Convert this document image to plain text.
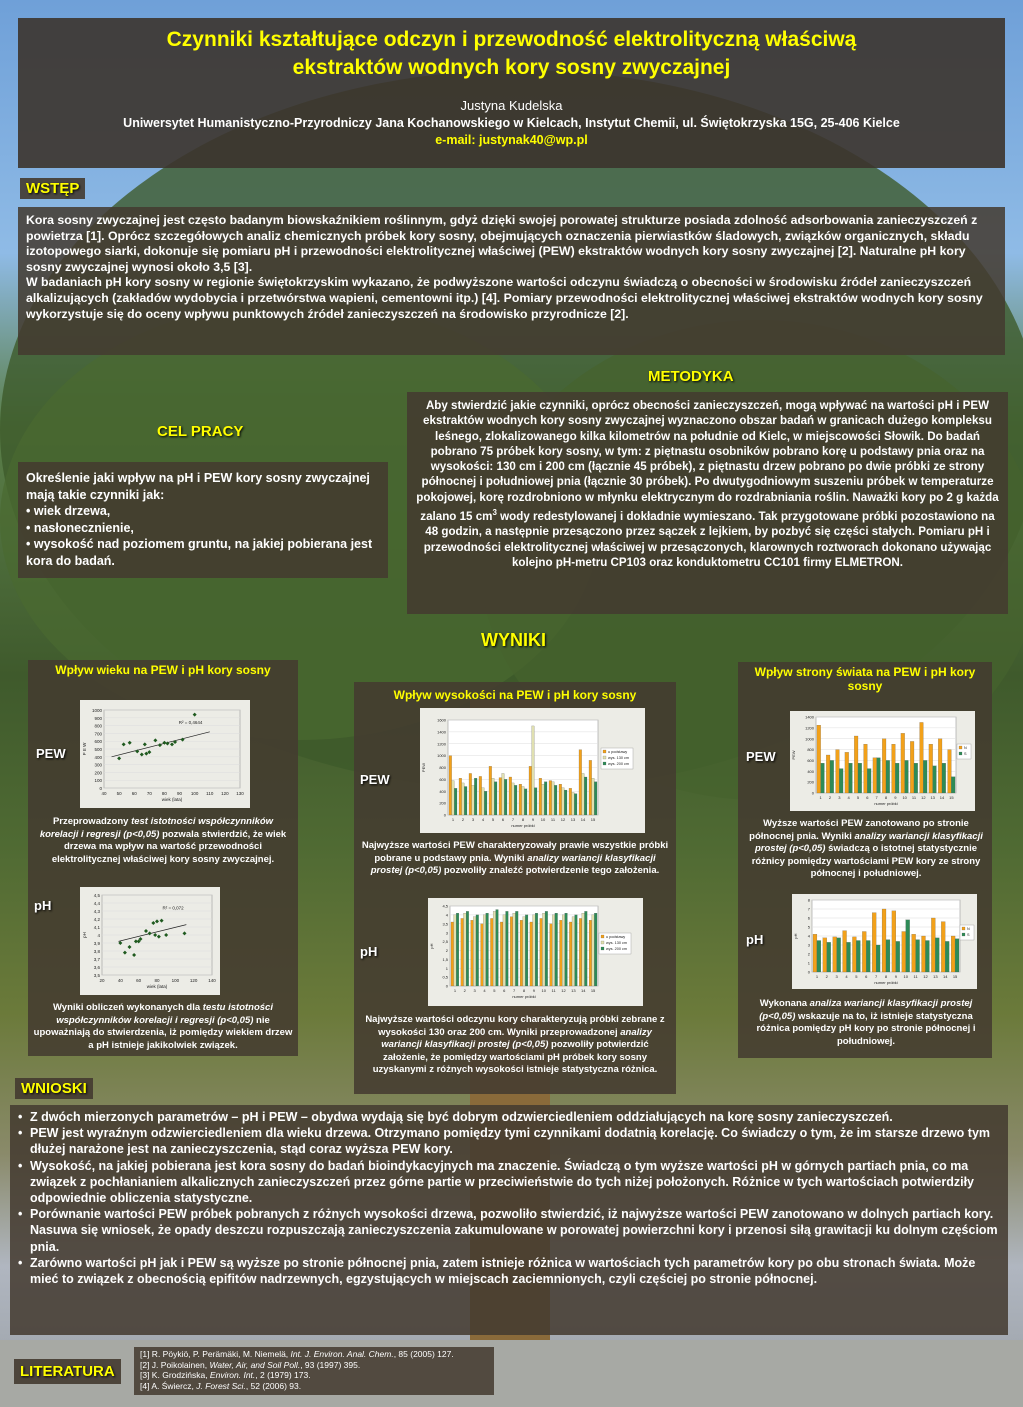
Czynniki kształtujące odczyn i przewodność elektrolityczną właściwą

ekstraktów wodnych kory sosny zwyczajnej

Justyna Kudelska

Uniwersytet Humanistyczno-Przyrodniczy Jana Kochanowskiego w Kielcach, Instytut Chemii, ul. Świętokrzyska 15G, 25-406 Kielce

e-mail: justynak40@wp.pl

WSTĘP

Kora sosny zwyczajnej jest często badanym biowskaźnikiem roślinnym, gdyż dzięki swojej porowatej strukturze posiada zdolność adsorbowania zanieczyszczeń z powietrza [1]. Oprócz szczegółowych analiz chemicznych próbek kory sosny, obejmujących oznaczenia pierwiastków śladowych, związków organicznych, składu izotopowego siarki, dokonuje się pomiaru pH i przewodności elektrolitycznej właściwej (PEW) ekstraktów wodnych kory sosny zwyczajnej [2]. Naturalne pH kory sosny zwyczajnej wynosi około 3,5 [3].

W badaniach pH kory sosny w regionie świętokrzyskim wykazano, że podwyższone wartości odczynu świadczą o obecności w środowisku źródeł zanieczyszczeń alkalizujących (zakładów wydobycia i przetwórstwa wapieni, cementowni itp.) [4]. Pomiary przewodności elektrolitycznej właściwej ekstraktów wodnych kory sosny wykorzystuje się do oceny wpływu punktowych źródeł zanieczyszczeń na środowisko przyrodnicze [2].

METODYKA
Aby stwierdzić jakie czynniki, oprócz obecności zanieczyszczeń, mogą wpływać na wartości pH i PEW ekstraktów wodnych kory sosny zwyczajnej wyznaczono obszar badań w granicach dużego kompleksu leśnego, zlokalizowanego kilka kilometrów na południe od Kielc, w miejscowości Słowik. Do badań pobrano 75 próbek kory sosny, w tym: z piętnastu osobników pobrano korę u podstawy pnia oraz na wysokości: 130 cm i 200 cm (łącznie 45 próbek), z piętnastu drzew pobrano po dwie próbki ze strony północnej i południowej pnia (łącznie 30 próbek). Po dwutygodniowym suszeniu próbek w temperaturze pokojowej, korę rozdrobniono w młynku elektrycznym do rozdrabniania roślin. Naważki kory po 2 g każda zalano 15 $cm^3$ wody redestylowanej i dokładnie wymieszano. Tak przygotowane próbki pozostawiono na 48 godzin, a następnie przesączono przez sączek z lejkiem, by pozbyć się części stałych. Pomiaru pH i przewodności elektrolitycznej właściwej w przesączonych, klarownych roztworach dokonano używając kolejno pH-metru CP103 oraz konduktometru CC101 firmy ELMETRON.
CEL PRACY

Określenie jaki wpływ na pH i PEW kory sosny zwyczajnej mają takie czynniki jak:

• wiek drzewa,

• nasłonecznienie,

• wysokość nad poziomem gruntu, na jakiej pobierana jest kora do badań.

WYNIKI
Wpływ wieku na PEW i pH kory sosny
0
100
200
300
400
500
600
700
800
900
1000
40 50 60 70 80 90 100 110 120 130
wiek (lata)
P E W
R² = 0,4644
PEW
Przeprowadzony test istotności współczynników korelacji i regresji (p<0,05) pozwala stwierdzić, że wiek drzewa ma wpływ na wartość przewodności elektrolitycznej właściwej kory sosny zwyczajnej.
3,5
3,6
3,7
3,8
3,9
4
4,1
4,2
4,3
4,4
4,5
20	40	60	80	100 120 140
wiek (lata)
pH
R² = 0,072
pH
Wyniki obliczeń wykonanych dla testu istotności współczynników korelacji i regresji (p<0,05) nie upoważniają do stwierdzenia, iż pomiędzy wiekiem drzew a pH istnieje jakikolwiek związek.
Wpływ wysokości na PEW i pH kory sosny
0
200
400
600
800
1000
1200
1400
1600
1 2 3 4 5 6 7 8 9 10 11 12 13 14 15
numer próbki
PEW
u podstawy
wys. 130 cm
wys. 200 cm
PEW
Najwyższe wartości PEW charakteryzowały prawie wszystkie próbki pobrane u podstawy pnia. Wyniki analizy wariancji klasyfikacji prostej (p<0,05) pozwoliły znaleźć potwierdzenie tego założenia.
0
0,5
1
1,5
2
2,5
3
3,5
4
4,5
1 2 3 4 5 6 7 8 9 10 11 12 13 14 15
numer próbki
pH
u podstawy
wys. 130 cm
wys. 200 cm
pH
Najwyższe wartości odczynu kory charakteryzują próbki zebrane z wysokości 130 oraz 200 cm. Wyniki przeprowadzonej analizy wariancji klasyfikacji prostej (p<0,05) pozwoliły potwierdzić założenie, że pomiędzy wartościami pH próbek kory sosny uzyskanymi z różnych wysokości istnieje statystyczna różnica.
Wpływ strony świata na PEW i pH kory sosny
0
200
400
600
800
1000
1200
1400
1 2 3 4 5 6 7 8 9 10 11 12 13 14 15
numer próbki
PEW
N
S
PEW
Wyższe wartości PEW zanotowano po stronie północnej pnia. Wyniki analizy wariancji klasyfikacji prostej (p<0,05) świadczą o istotnej statystycznie różnicy pomiędzy wartościami PEW kory ze strony północnej i południowej.
0
1
2
3
4
5
6
7
8
1 2 3 4 5 6 7 8 9 10 11 12 13 14 15
numer próbki
pH
N
S
pH
Wykonana analiza wariancji klasyfikacji prostej (p<0,05) wskazuje na to, iż istnieje statystyczna różnica pomiędzy pH kory po stronie północnej i południowej.
WNIOSKI
• Z dwóch mierzonych parametrów – pH i PEW – obydwa wydają się być dobrym odzwierciedleniem oddziałujących na korę sosny zanieczyszczeń.
• PEW jest wyraźnym odzwierciedleniem dla wieku drzewa. Otrzymano pomiędzy tymi czynnikami dodatnią korelację. Co świadczy o tym, że im starsze drzewo tym dłużej narażone jest na zanieczyszczenia, stąd coraz wyższa PEW kory.
• Wysokość, na jakiej pobierana jest kora sosny do badań bioindykacyjnych ma znaczenie. Świadczą o tym wyższe wartości pH w górnych partiach pnia, co ma związek z pochłanianiem alkalicznych zanieczyszczeń przez górne partie w przeciwieństwie do tych niżej położonych. Różnice w tych wartościach potwierdziły odpowiednie obliczenia statystyczne.
• Porównanie wartości PEW próbek pobranych z różnych wysokości drzewa, pozwoliło stwierdzić, iż najwyższe wartości PEW zanotowano w dolnych partiach kory. Nasuwa się wniosek, że opady deszczu rozpuszczają zanieczyszczenia zakumulowane w porowatej powierzchni kory i przenosi siłą grawitacji ku dolnym częściom pnia.
• Zarówno wartości pH jak i PEW są wyższe po stronie północnej pnia, zatem istnieje różnica w wartościach tych parametrów kory po obu stronach świata. Może mieć to związek z obecnością epifitów nadrzewnych, egzystujących w miejscach zaciemnionych, czyli częściej po stronie północnej.
LITERATURA
[1] R. Pöykiö, P. Perämäki, M. Niemelä, Int. J. Environ. Anal. Chem., 85 (2005) 127.
[2] J. Poikolainen, Water, Air, and Soil Poll., 93 (1997) 395.
[3] K. Grodzińska, Environ. Int., 2 (1979) 173.
[4] A. Świercz, J. Forest Sci., 52 (2006) 93.
